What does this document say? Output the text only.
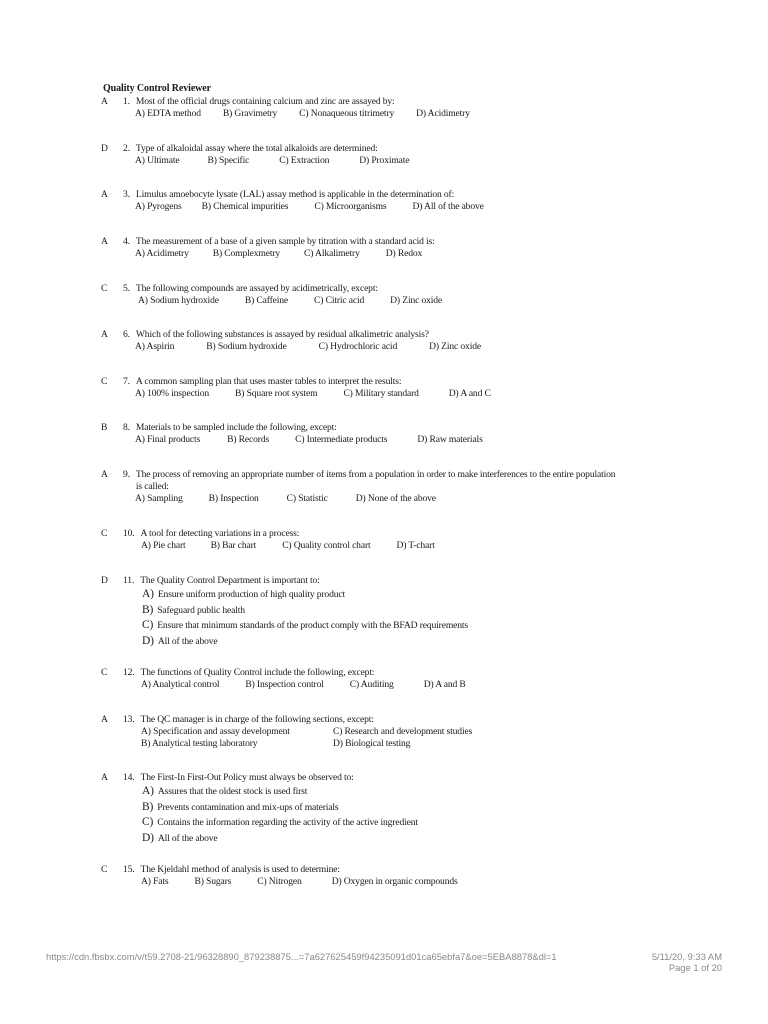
Quality Control Reviewer
A	1. Most of the official drugs containing calcium and zinc are assayed by:
A) EDTA method B) Gravimetry C) Nonaqueous titrimetry D) Acidimetry
D	2. Type of alkaloidal assay where the total alkaloids are determined:
A) Ultimate	B) Specific	C) Extraction	D) Proximate
A	3. Limulus amoebocyte lysate (LAL) assay method is applicable in the determination of:
A) Pyrogens B) Chemical impurities	C) Microorganisms	D) All of the above
A	4. The measurement of a base of a given sample by titration with a standard acid is:
A) Acidimetry	B) Complexmetry	C) Alkalimetry	D) Redox
C	5. The following compounds are assayed by acidimetrically, except:
A) Sodium hydroxide	B) Caffeine	C) Citric acid	D) Zinc oxide
A	6. Which of the following substances is assayed by residual alkalimetric analysis?
A) Aspirin	B) Sodium hydroxide	C) Hydrochloric acid	D) Zinc oxide
C	7. A common sampling plan that uses master tables to interpret the results:
A) 100% inspection	B) Square root system	C) Military standard	D) A and C
B	8. Materials to be sampled include the following, except:
A) Final products	B) Records	C) Intermediate products	D) Raw materials
A	9. The process of removing an appropriate number of items from a population in order to make interferences to the entire population is called:
A) Sampling	B) Inspection	C) Statistic	D) None of the above
C	10. A tool for detecting variations in a process:
A) Pie chart	B) Bar chart	C) Quality control chart	D) T-chart
D	11. The Quality Control Department is important to:
A) Ensure uniform production of high quality product
B) Safeguard public health
C) Ensure that minimum standards of the product comply with the BFAD requirements
D) All of the above
C	12. The functions of Quality Control include the following, except:
A) Analytical control	B) Inspection control	C) Auditing	D) A and B
A	13. The QC manager is in charge of the following sections, except:
A) Specification and assay development	C) Research and development studies
B) Analytical testing laboratory	D) Biological testing
A	14. The First-In First-Out Policy must always be observed to:
A) Assures that the oldest stock is used first
B) Prevents contamination and mix-ups of materials
C) Contains the information regarding the activity of the active ingredient
D) All of the above
C	15. The Kjeldahl method of analysis is used to determine:
A) Fats	B) Sugars	C) Nitrogen	D) Oxygen in organic compounds
https://cdn.fbsbx.com/v/t59.2708-21/96328890_879238875...=7a627625459f94235091d01ca65ebfa7&oe=5EBA8878&dl=1	5/11/20, 9:33 AM
Page 1 of 20
